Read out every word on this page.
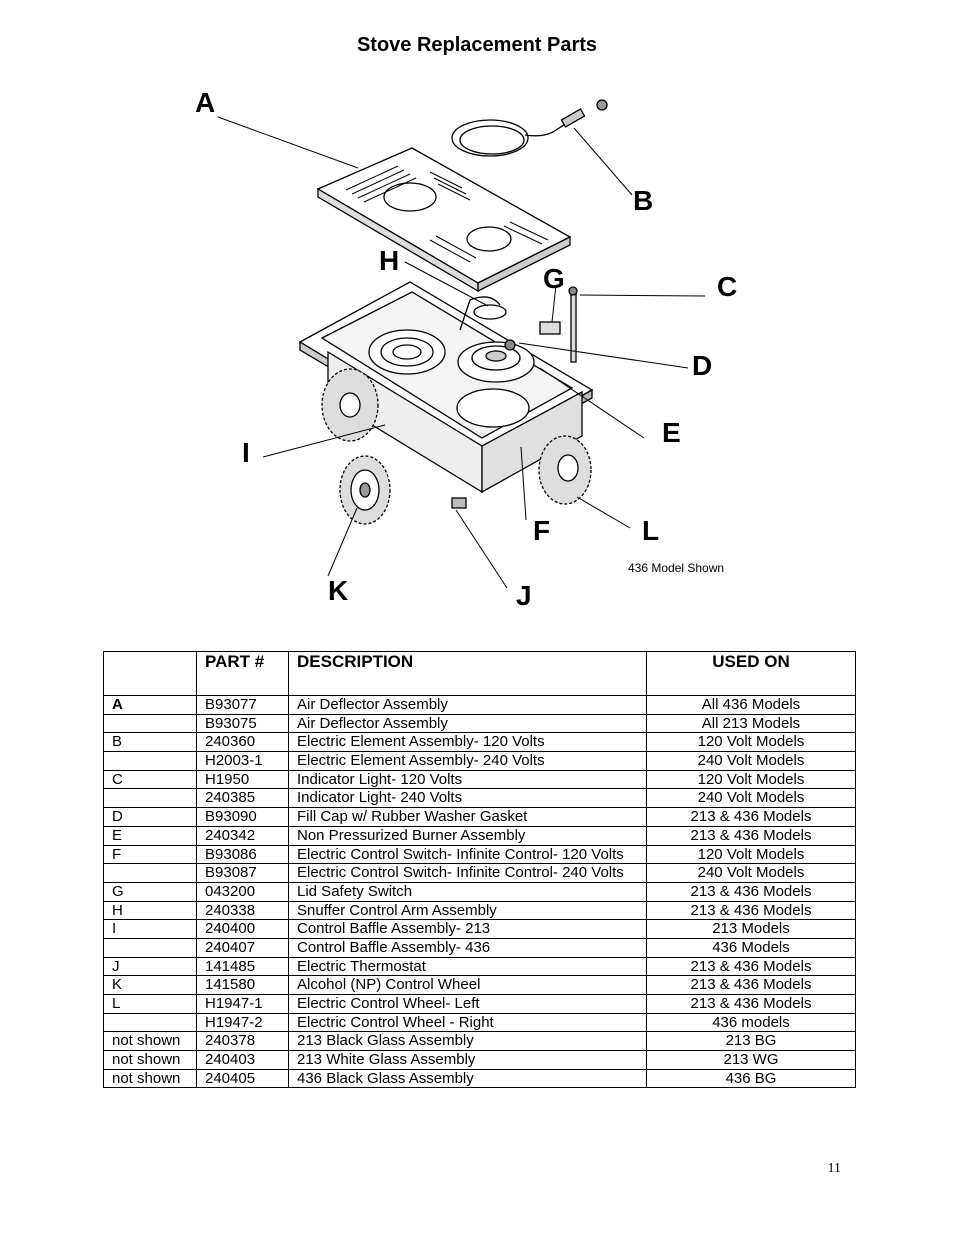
Stove Replacement Parts
A
B
C
D
E
F
G
H
I
J
K
L
436 Model Shown
	PART #	DESCRIPTION	USED ON
A	B93077	Air Deflector Assembly	All 436 Models
	B93075	Air Deflector Assembly	All 213 Models
B	240360	Electric Element Assembly- 120 Volts	120 Volt Models
	H2003-1	Electric Element Assembly- 240 Volts	240 Volt Models
C	H1950	Indicator Light- 120 Volts	120 Volt Models
	240385	Indicator Light- 240 Volts	240 Volt Models
D	B93090	Fill Cap w/ Rubber Washer Gasket	213 & 436 Models
E	240342	Non Pressurized Burner Assembly	213 & 436 Models
F	B93086	Electric Control Switch- Infinite Control- 120 Volts	120 Volt Models
	B93087	Electric Control Switch- Infinite Control- 240 Volts	240 Volt Models
G	043200	Lid Safety Switch	213 & 436 Models
H	240338	Snuffer Control Arm Assembly	213 & 436 Models
I	240400	Control Baffle Assembly- 213	213 Models
	240407	Control Baffle Assembly- 436	436 Models
J	141485	Electric Thermostat	213 & 436 Models
K	141580	Alcohol (NP) Control Wheel	213 & 436 Models
L	H1947-1	Electric Control Wheel- Left	213 & 436 Models
	H1947-2	Electric Control Wheel - Right	436 models
not shown	240378	213 Black Glass Assembly	213 BG
not shown	240403	213 White Glass Assembly	213 WG
not shown	240405	436 Black Glass Assembly	436 BG
11
